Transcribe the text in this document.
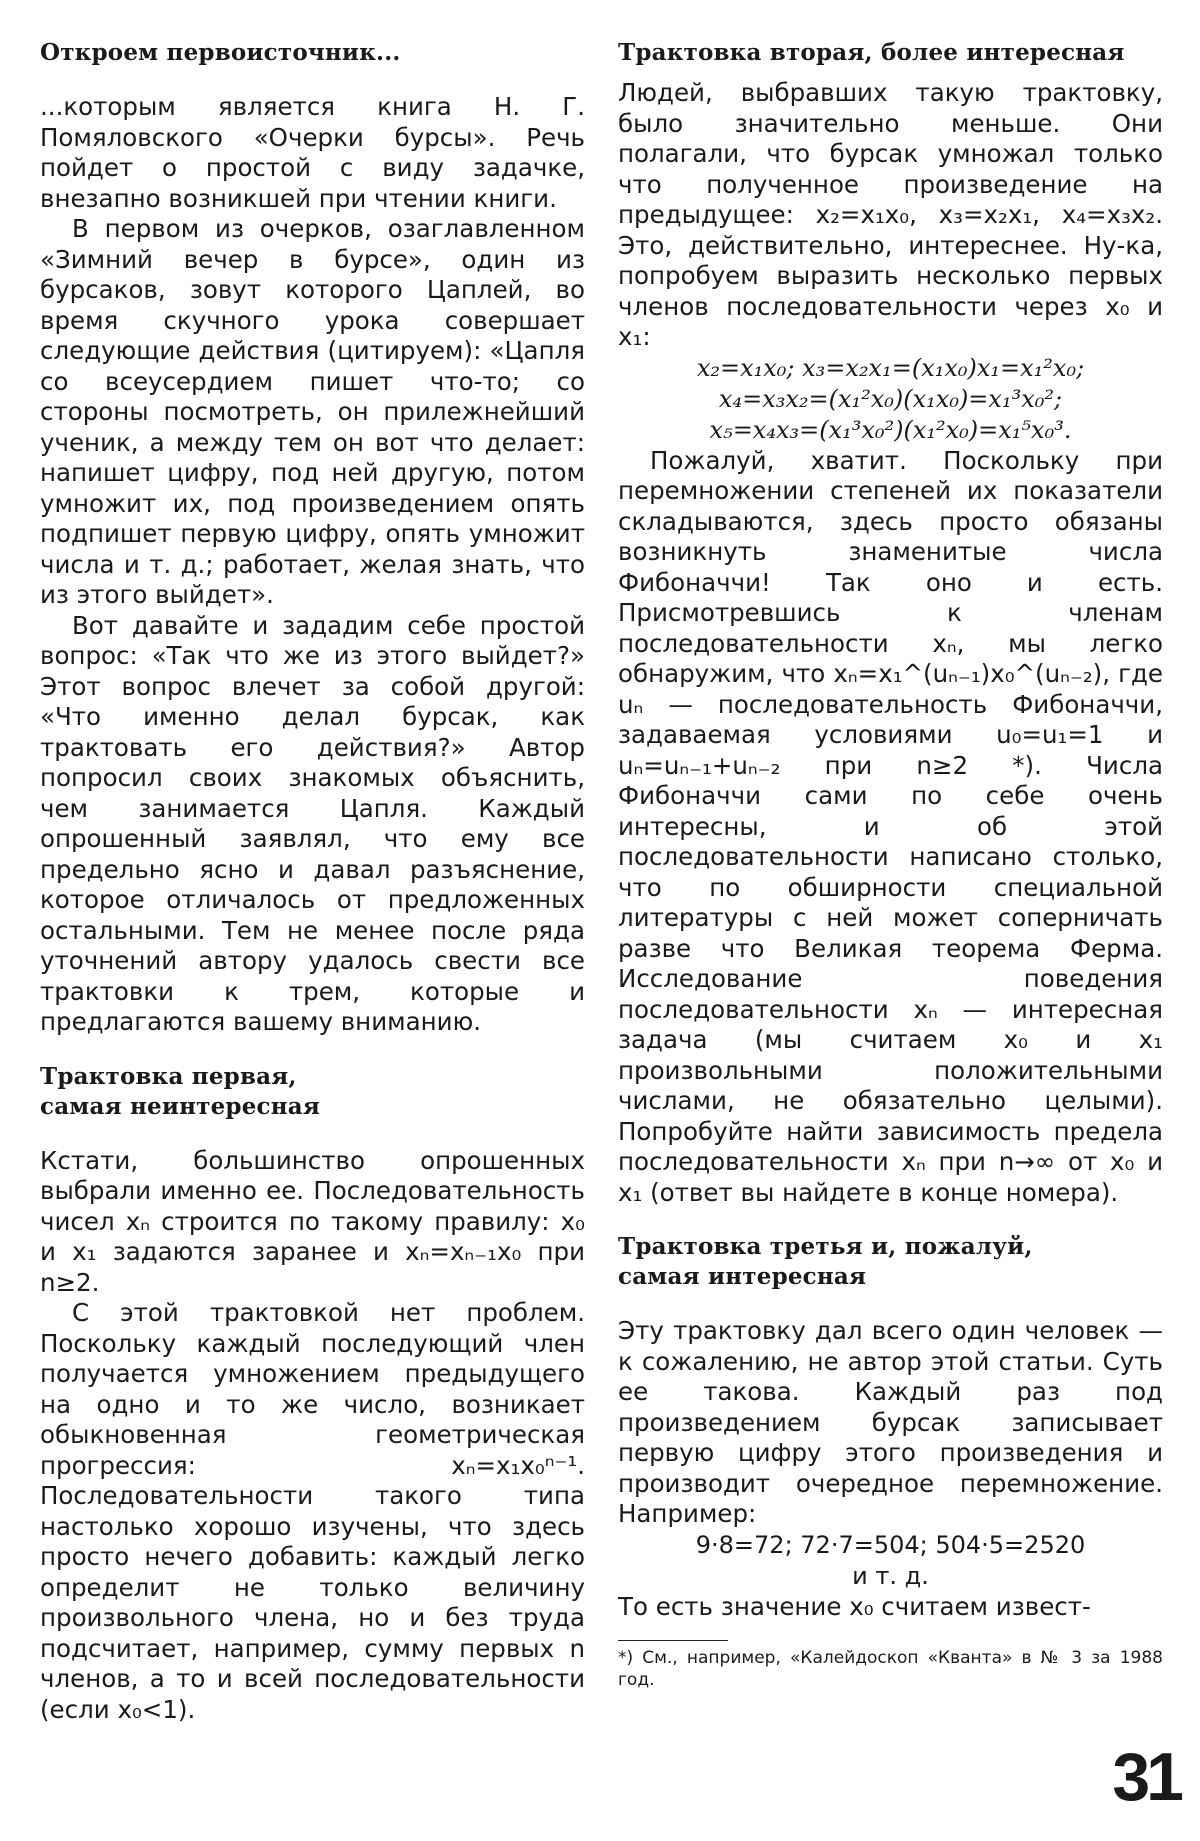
Откроем первоисточник...

...которым является книга Н. Г. Помяловского «Очерки бурсы». Речь пойдет о простой с виду задачке, внезапно возникшей при чтении книги.

В первом из очерков, озаглавленном «Зимний вечер в бурсе», один из бурсаков, зовут которого Цаплей, во время скучного урока совершает следующие действия (цитируем): «Цапля со всеусердием пишет что-то; со стороны посмотреть, он прилежнейший ученик, а между тем он вот что делает: напишет цифру, под ней другую, потом умножит их, под произведением опять подпишет первую цифру, опять умножит числа и т. д.; работает, желая знать, что из этого выйдет».

Вот давайте и зададим себе простой вопрос: «Так что же из этого выйдет?» Этот вопрос влечет за собой другой: «Что именно делал бурсак, как трактовать его действия?» Автор попросил своих знакомых объяснить, чем занимается Цапля. Каждый опрошенный заявлял, что ему все предельно ясно и давал разъяснение, которое отличалось от предложенных остальными. Тем не менее после ряда уточнений автору удалось свести все трактовки к трем, которые и предлагаются вашему вниманию.

Трактовка первая,
самая неинтересная

Кстати, большинство опрошенных выбрали именно ее. Последовательность чисел xₙ строится по такому правилу: x₀ и x₁ задаются заранее и xₙ=xₙ₋₁x₀ при n≥2.

С этой трактовкой нет проблем. Поскольку каждый последующий член получается умножением предыдущего на одно и то же число, возникает обыкновенная геометрическая прогрессия: xₙ=x₁x₀ⁿ⁻¹. Последовательности такого типа настолько хорошо изучены, что здесь просто нечего добавить: каждый легко определит не только величину произвольного члена, но и без труда подсчитает, например, сумму первых n членов, а то и всей последовательности (если x₀<1).

Трактовка вторая, более интересная

Людей, выбравших такую трактовку, было значительно меньше. Они полагали, что бурсак умножал только что полученное произведение на предыдущее: x₂=x₁x₀, x₃=x₂x₁, x₄=x₃x₂. Это, действительно, интереснее. Ну-ка, попробуем выразить несколько первых членов последовательности через x₀ и x₁:

x₂=x₁x₀; x₃=x₂x₁=(x₁x₀)x₁=x₁²x₀;
x₄=x₃x₂=(x₁²x₀)(x₁x₀)=x₁³x₀²;
x₅=x₄x₃=(x₁³x₀²)(x₁²x₀)=x₁⁵x₀³.

Пожалуй, хватит. Поскольку при перемножении степеней их показатели складываются, здесь просто обязаны возникнуть знаменитые числа Фибоначчи! Так оно и есть. Присмотревшись к членам последовательности xₙ, мы легко обнаружим, что xₙ=x₁^(uₙ₋₁)x₀^(uₙ₋₂), где uₙ — последовательность Фибоначчи, задаваемая условиями u₀=u₁=1 и uₙ=uₙ₋₁+uₙ₋₂ при n≥2 *). Числа Фибоначчи сами по себе очень интересны, и об этой последовательности написано столько, что по обширности специальной литературы с ней может соперничать разве что Великая теорема Ферма. Исследование поведения последовательности xₙ — интересная задача (мы считаем x₀ и x₁ произвольными положительными числами, не обязательно целыми). Попробуйте найти зависимость предела последовательности xₙ при n→∞ от x₀ и x₁ (ответ вы найдете в конце номера).

Трактовка третья и, пожалуй,
самая интересная

Эту трактовку дал всего один человек — к сожалению, не автор этой статьи. Суть ее такова. Каждый раз под произведением бурсак записывает первую цифру этого произведения и производит очередное перемножение. Например:

9·8=72; 72·7=504; 504·5=2520
и т. д.

То есть значение x₀ считаем извест-

*) См., например, «Калейдоскоп «Кванта» в № 3 за 1988 год.
31
